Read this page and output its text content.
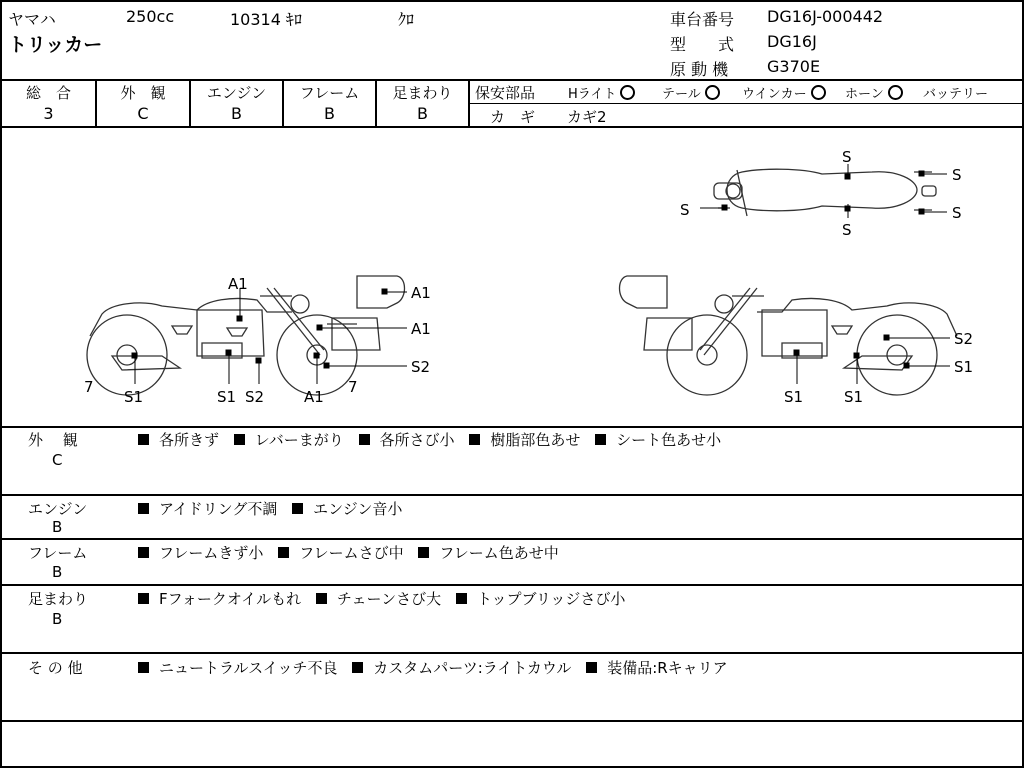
ヤマハ	250cc	10314 ｷﾛ	ｸﾛ
トリッカー
車台番号 DG16J-000442
型　　式 DG16J
原 動 機 G370E
総　合	外　観	エンジン	フレーム	足まわり
3	C	B	B	B
保安部品	Hライト	テール	ウインカー	ホーン	バッテリー
カ　ギ カギ2
S
S
S
S
S
A1	A1
A1
S2
7
S1	S1 S2	A1
7
S2
S1
S1	S1
外　 観
C
各所きず レバーまがり 各所さび小 樹脂部色あせ シート色あせ小
エンジン
B
アイドリング不調 エンジン音小
フレーム
B
フレームきず小 フレームさび中 フレーム色あせ中
足まわり
B
Fフォークオイルもれ チェーンさび大 トップブリッジさび小
そ の 他	ニュートラルスイッチ不良 カスタムパーツ:ライトカウル 装備品:Rキャリア
